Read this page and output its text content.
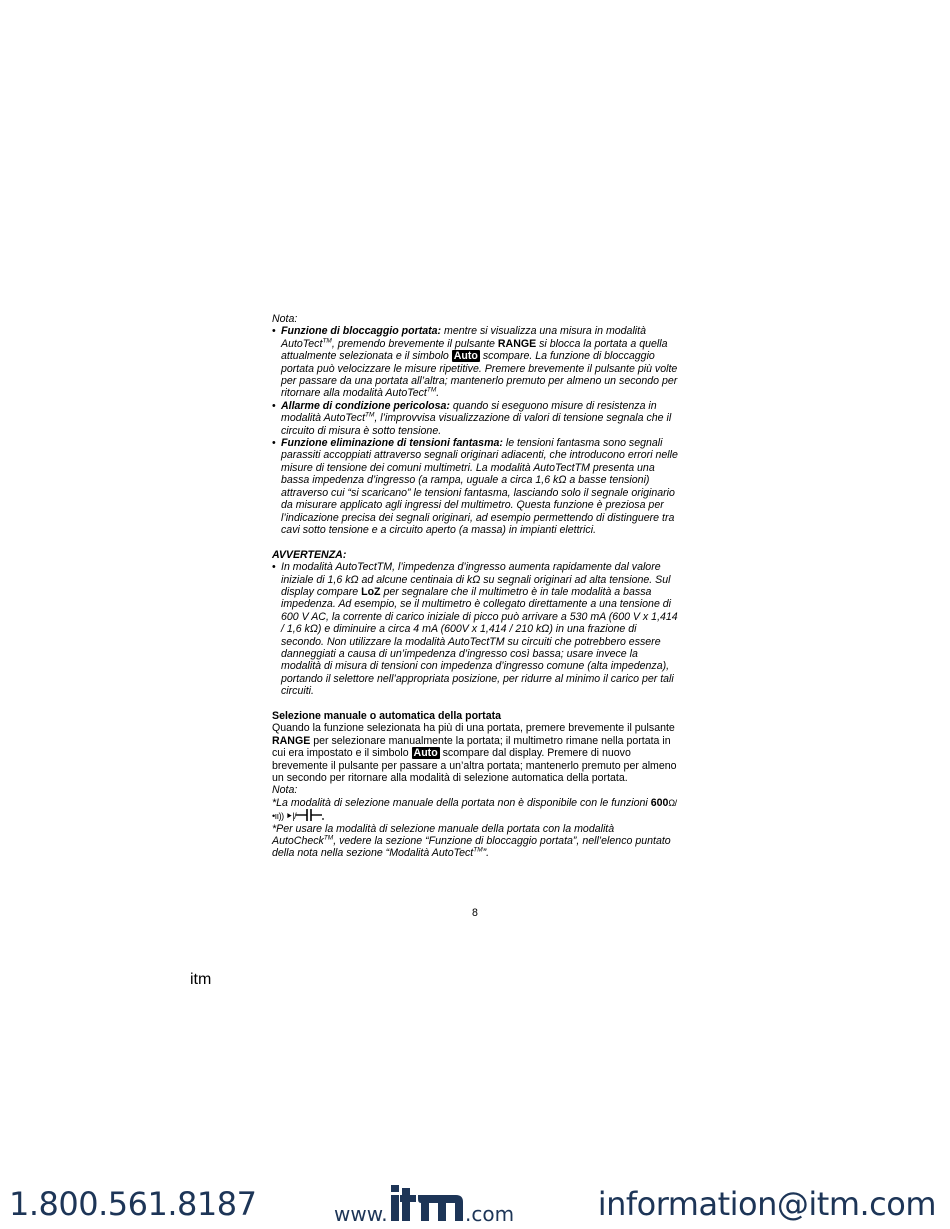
Nota:

• Funzione di bloccaggio portata: mentre si visualizza una misura in modalità AutoTect™, premendo brevemente il pulsante RANGE si blocca la portata a quella attualmente selezionata e il simbolo Auto scompare. La funzione di bloccaggio portata può velocizzare le misure ripetitive. Premere brevemente il pulsante più volte per passare da una portata all’altra; mantenerlo premuto per almeno un secondo per ritornare alla modalità AutoTect™.
• Allarme di condizione pericolosa: quando si eseguono misure di resistenza in modalità AutoTect™, l’improvvisa visualizzazione di valori di tensione segnala che il circuito di misura è sotto tensione.
• Funzione eliminazione di tensioni fantasma: le tensioni fantasma sono segnali parassiti accoppiati attraverso segnali originari adiacenti, che introducono errori nelle misure di tensione dei comuni multimetri. La modalità AutoTectTM presenta una bassa impedenza d’ingresso (a rampa, uguale a circa 1,6 kΩ a basse tensioni) attraverso cui “si scaricano” le tensioni fantasma, lasciando solo il segnale originario da misurare applicato agli ingressi del multimetro. Questa funzione è preziosa per l’indicazione precisa dei segnali originari, ad esempio permettendo di distinguere tra cavi sotto tensione e a circuito aperto (a massa) in impianti elettrici.

AVVERTENZA:

• In modalità AutoTectTM, l’impedenza d’ingresso aumenta rapidamente dal valore iniziale di 1,6 kΩ ad alcune centinaia di kΩ su segnali originari ad alta tensione. Sul display compare LoZ per segnalare che il multimetro è in tale modalità a bassa impedenza. Ad esempio, se il multimetro è collegato direttamente a una tensione di 600 V AC, la corrente di carico iniziale di picco può arrivare a 530 mA (600 V x 1,414 / 1,6 kΩ) e diminuire a circa 4 mA (600V x 1,414 / 210 kΩ) in una frazione di secondo. Non utilizzare la modalità AutoTectTM su circuiti che potrebbero essere danneggiati a causa di un’impedenza d’ingresso così bassa; usare invece la modalità di misura di tensioni con impedenza d’ingresso comune (alta impedenza), portando il selettore nell’appropriata posizione, per ridurre al minimo il carico per tali circuiti.

Selezione manuale o automatica della portata

Quando la funzione selezionata ha più di una portata, premere brevemente il pulsante RANGE per selezionare manualmente la portata; il multimetro rimane nella portata in cui era impostato e il simbolo Auto scompare dal display. Premere di nuovo brevemente il pulsante per passare a un’altra portata; mantenerlo premuto per almeno un secondo per ritornare alla modalità di selezione automatica della portata.

Nota:

*La modalità di selezione manuale della portata non è disponibile con le funzioni 600Ω/ •ıı)) ⯈|/

*Per usare la modalità di selezione manuale della portata con la modalità AutoCheck™, vedere la sezione “Funzione di bloccaggio portata”, nell’elenco puntato della nota nella sezione “Modalità AutoTect™”.

8
1.800.561.8187	www.
itm
.com	information@itm.com
